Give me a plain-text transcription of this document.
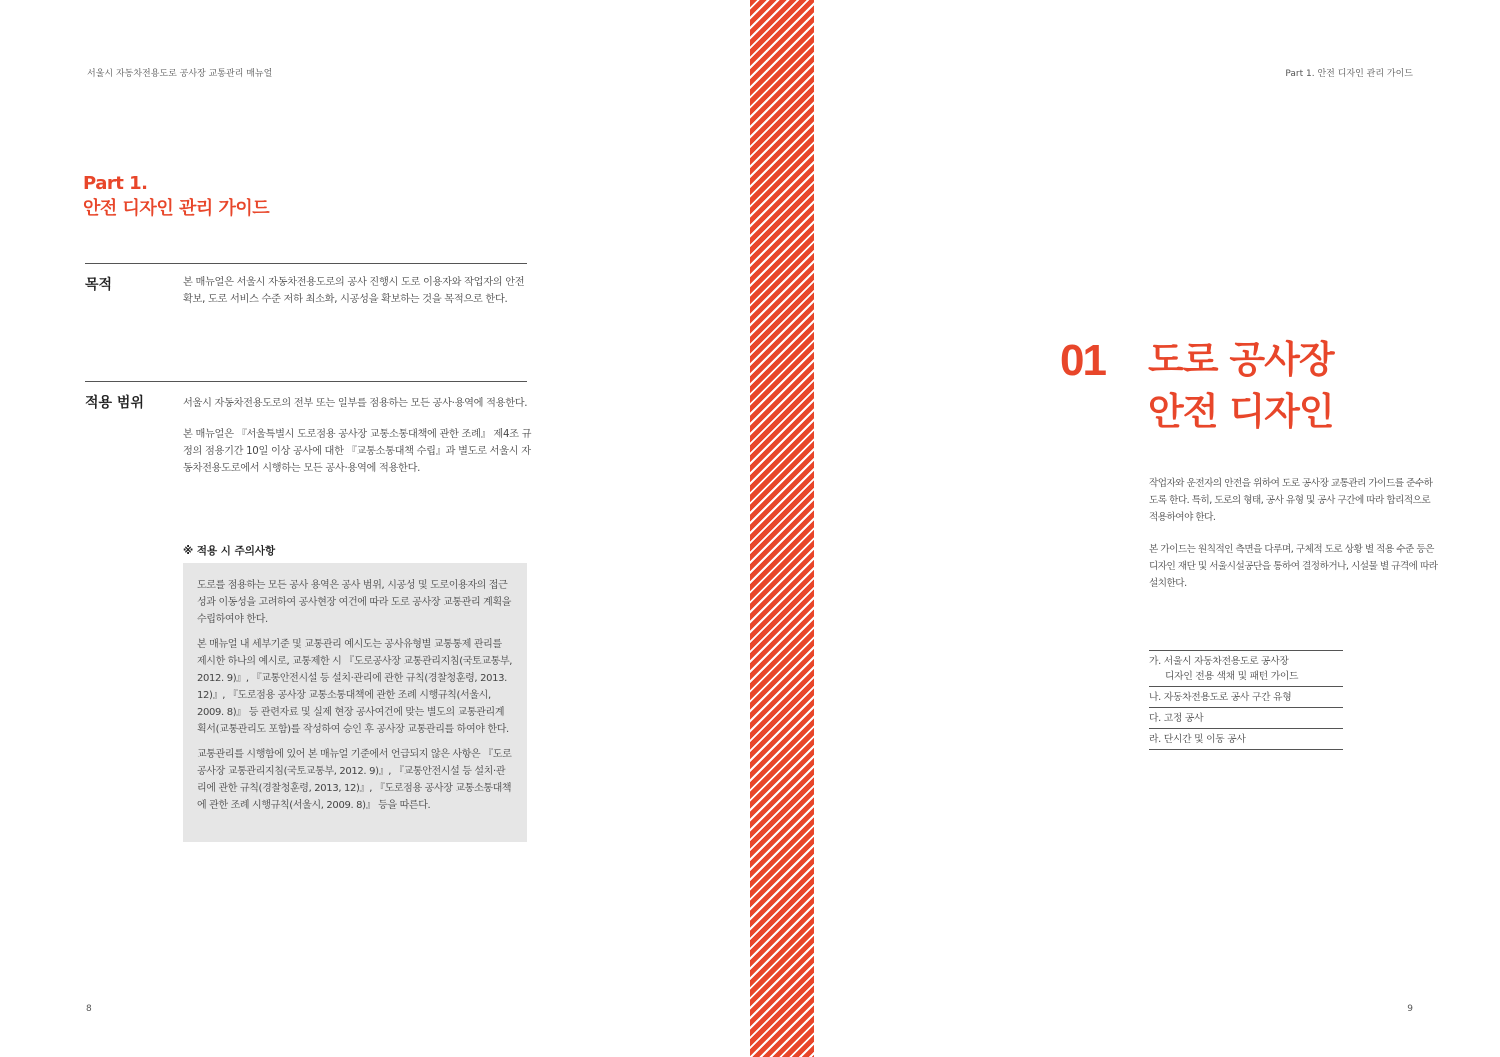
서울시 자동차전용도로 공사장 교통관리 매뉴얼
Part 1.
안전 디자인 관리 가이드
목적	본 매뉴얼은 서울시 자동차전용도로의 공사 진행시 도로 이용자와 작업자의 안전확보, 도로 서비스 수준 저하 최소화, 시공성을 확보하는 것을 목적으로 한다.
적용 범위	서울시 자동차전용도로의 전부 또는 일부를 점용하는 모든 공사·용역에 적용한다.

본 매뉴얼은 『서울특별시 도로점용 공사장 교통소통대책에 관한 조례』 제4조 규정의 점용기간 10일 이상 공사에 대한 『교통소통대책 수립』과 별도로 서울시 자동차전용도로에서 시행하는 모든 공사·용역에 적용한다.

※ 적용 시 주의사항

도로를 점용하는 모든 공사 용역은 공사 범위, 시공성 및 도로이용자의 접근성과 이동성을 고려하여 공사현장 여건에 따라 도로 공사장 교통관리 계획을 수립하여야 한다.

본 매뉴얼 내 세부기준 및 교통관리 예시도는 공사유형별 교통통제 관리를 제시한 하나의 예시로, 교통제한 시 『도로공사장 교통관리지침(국토교통부, 2012. 9)』, 『교통안전시설 등 설치·관리에 관한 규칙(경찰청훈령, 2013. 12)』, 『도로점용 공사장 교통소통대책에 관한 조례 시행규칙(서울시, 2009. 8)』 등 관련자료 및 실제 현장 공사여건에 맞는 별도의 교통관리계획서(교통관리도 포함)를 작성하여 승인 후 공사장 교통관리를 하여야 한다.

교통관리를 시행함에 있어 본 매뉴얼 기준에서 언급되지 않은 사항은 『도로 공사장 교통관리지침(국토교통부, 2012. 9)』, 『교통안전시설 등 설치·관리에 관한 규칙(경찰청훈령, 2013, 12)』, 『도로점용 공사장 교통소통대책에 관한 조례 시행규칙(서울시, 2009. 8)』 등을 따른다.

8
Part 1. 안전 디자인 관리 가이드
01 도로 공사장
안전 디자인

작업자와 운전자의 안전을 위하여 도로 공사장 교통관리 가이드를 준수하도록 한다. 특히, 도로의 형태, 공사 유형 및 공사 구간에 따라 합리적으로 적용하여야 한다.

본 가이드는 원칙적인 측면을 다루며, 구체적 도로 상황 별 적용 수준 등은 디자인 재단 및 서울시설공단을 통하여 결정하거나, 시설물 별 규격에 따라 설치한다.

가. 서울시 자동차전용도로 공사장
디자인 전용 색채 및 패턴 가이드
나. 자동차전용도로 공사 구간 유형
다. 고정 공사
라. 단시간 및 이동 공사
9
